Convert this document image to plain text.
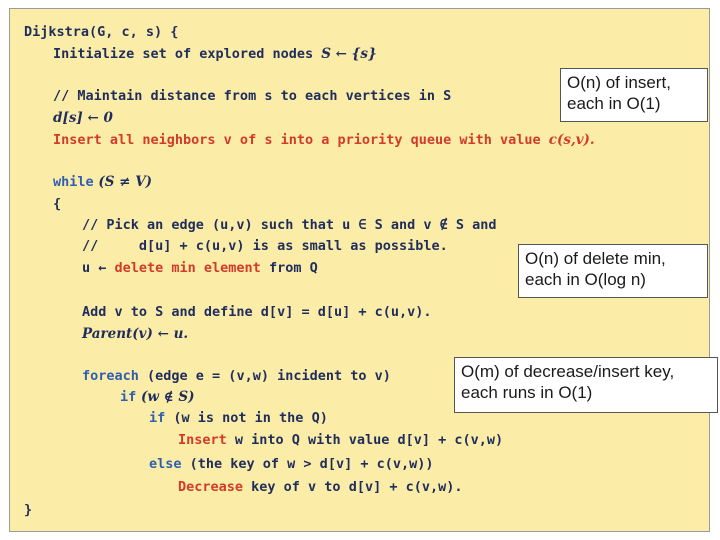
Dijkstra(G, c, s) {
Initialize set of explored nodes S ← {s}
// Maintain distance from s to each vertices in S
d[s] ← 0
Insert all neighbors v of s into a priority queue with value c(s,v).
while (S ≠ V)
{
// Pick an edge (u,v) such that u ∈ S and v ∉ S and
//     d[u] + c(u,v) is as small as possible.
u ← delete min element from Q
Add v to S and define d[v] = d[u] + c(u,v).
Parent(v) ← u.
foreach (edge e = (v,w) incident to v)
if (w ∉ S)
if (w is not in the Q)
Insert w into Q with value d[v] + c(v,w)
else (the key of w > d[v] + c(v,w))
Decrease key of v to d[v] + c(v,w).
}
O(n) of insert,
each in O(1)
O(n) of delete min,
each in O(log n)
O(m) of decrease/insert key,
each runs in O(1)
